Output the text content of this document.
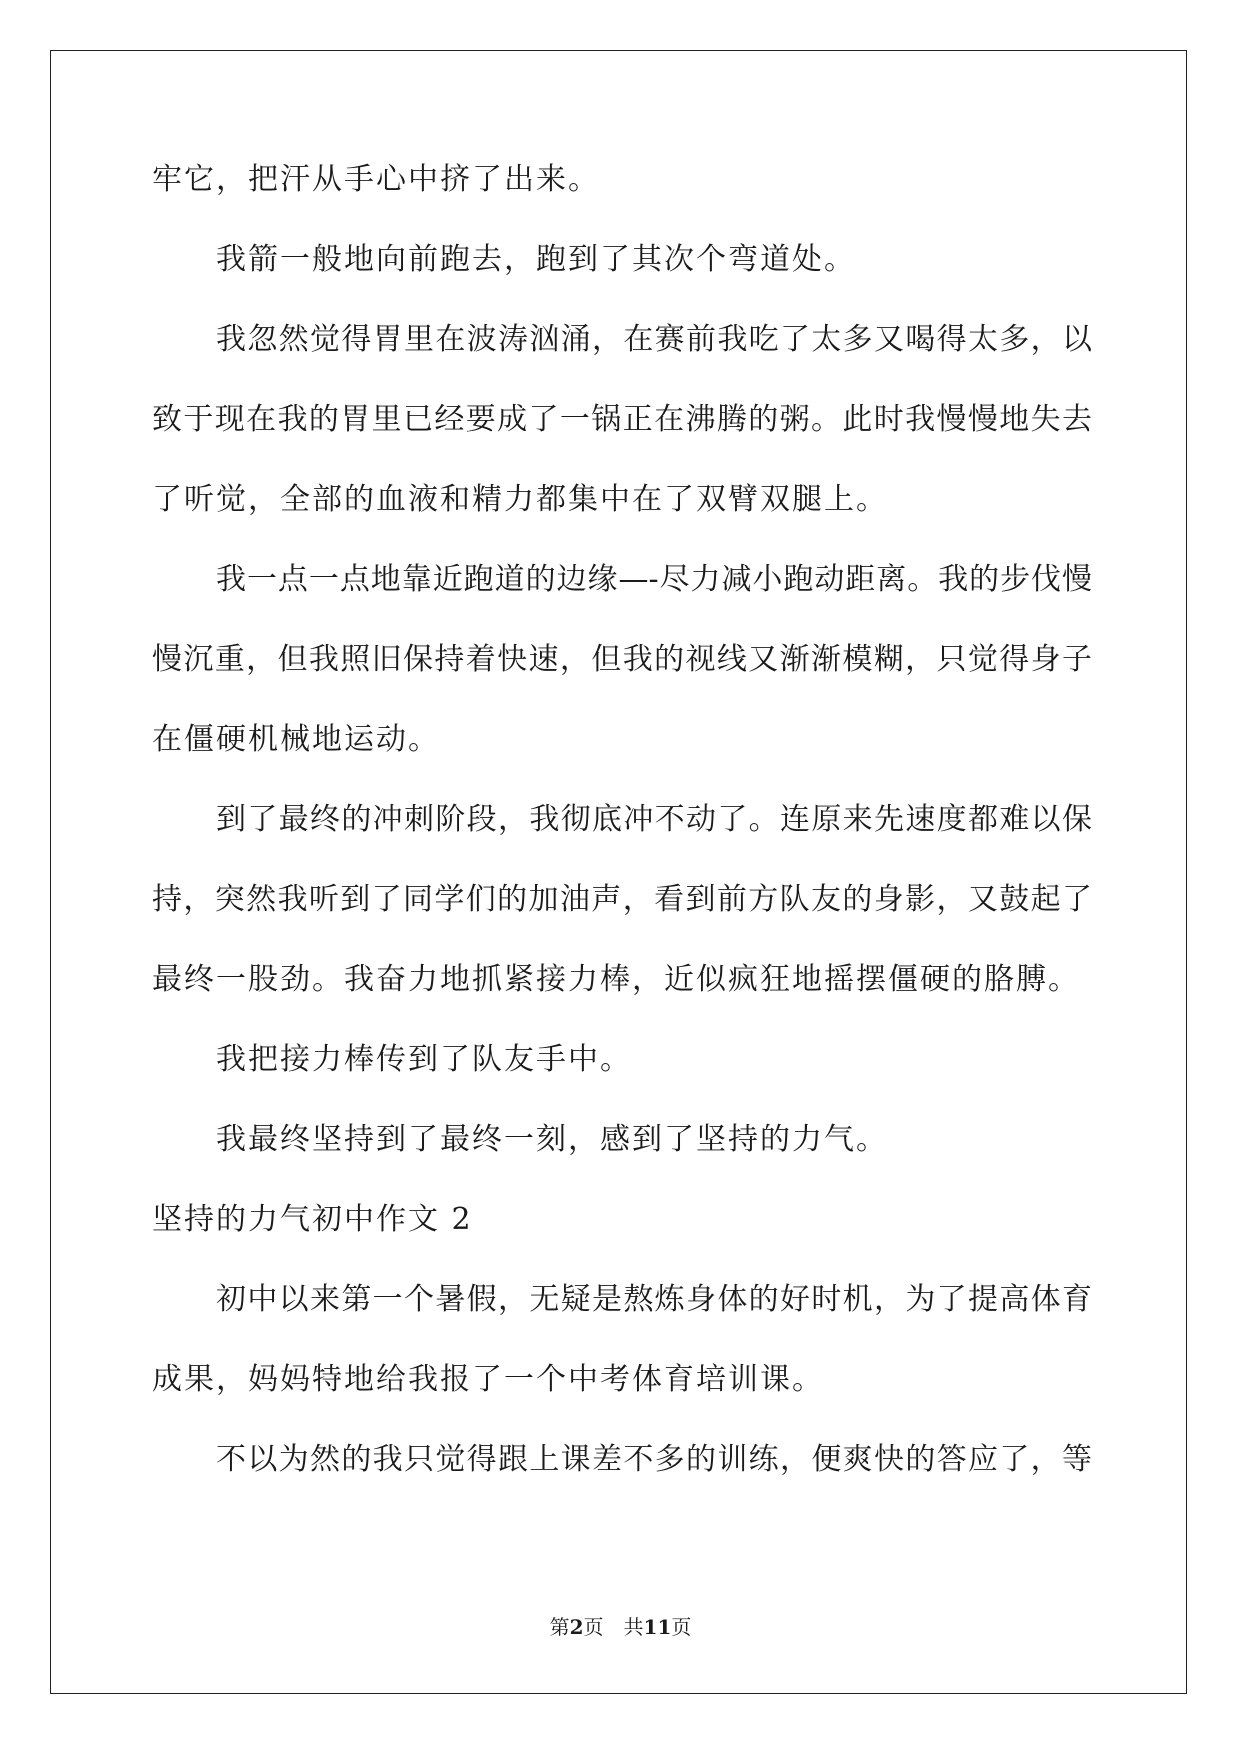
牢它，把汗从手心中挤了出来。
我箭一般地向前跑去，跑到了其次个弯道处。
我忽然觉得胃里在波涛汹涌，在赛前我吃了太多又喝得太多，以
致于现在我的胃里已经要成了一锅正在沸腾的粥。此时我慢慢地失去
了听觉，全部的血液和精力都集中在了双臂双腿上。
我一点一点地靠近跑道的边缘—-尽力减小跑动距离。我的步伐慢
慢沉重，但我照旧保持着快速，但我的视线又渐渐模糊，只觉得身子
在僵硬机械地运动。
到了最终的冲刺阶段，我彻底冲不动了。连原来先速度都难以保
持，突然我听到了同学们的加油声，看到前方队友的身影，又鼓起了
最终一股劲。我奋力地抓紧接力棒，近似疯狂地摇摆僵硬的胳膊。
我把接力棒传到了队友手中。
我最终坚持到了最终一刻，感到了坚持的力气。
坚持的力气初中作文 2
初中以来第一个暑假，无疑是熬炼身体的好时机，为了提高体育
成果，妈妈特地给我报了一个中考体育培训课。
不以为然的我只觉得跟上课差不多的训练，便爽快的答应了，等
第2页　共11页
